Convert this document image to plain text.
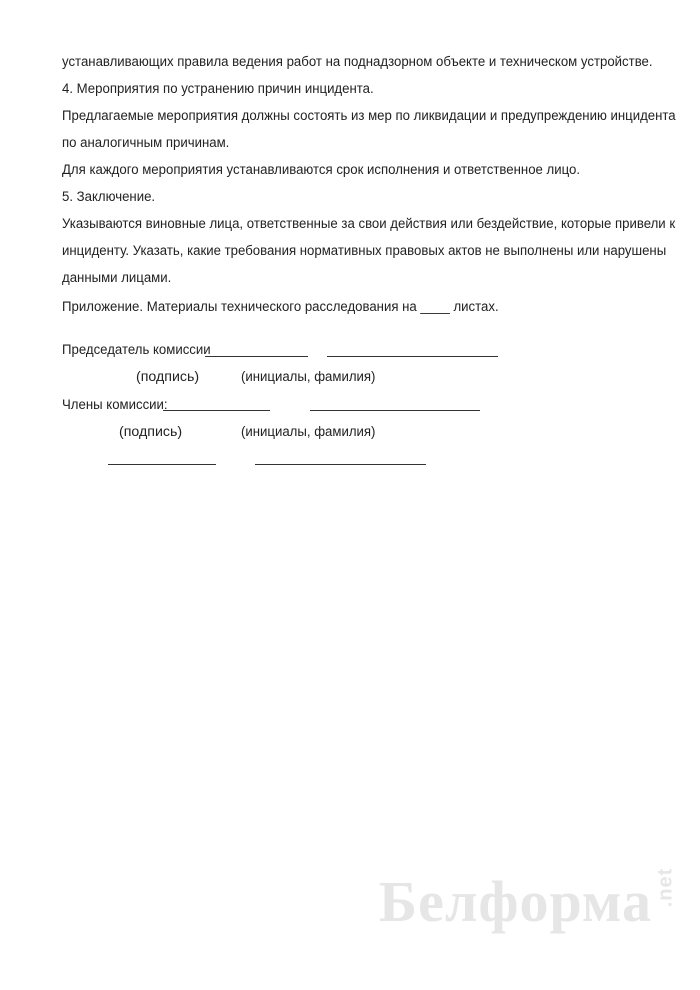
устанавливающих правила ведения работ на поднадзорном объекте и техническом устройстве.
4. Мероприятия по устранению причин инцидента.
Предлагаемые мероприятия должны состоять из мер по ликвидации и предупреждению инцидента
по аналогичным причинам.
Для каждого мероприятия устанавливаются срок исполнения и ответственное лицо.
5. Заключение.
Указываются виновные лица, ответственные за свои действия или бездействие, которые привели к
инциденту. Указать, какие требования нормативных правовых актов не выполнены или нарушены
данными лицами.
Приложение. Материалы технического расследования на ____ листах.
Председатель комиссии
(подпись)	(инициалы, фамилия)
Члены комиссии:
(подпись)	(инициалы, фамилия)
Белформа .net
